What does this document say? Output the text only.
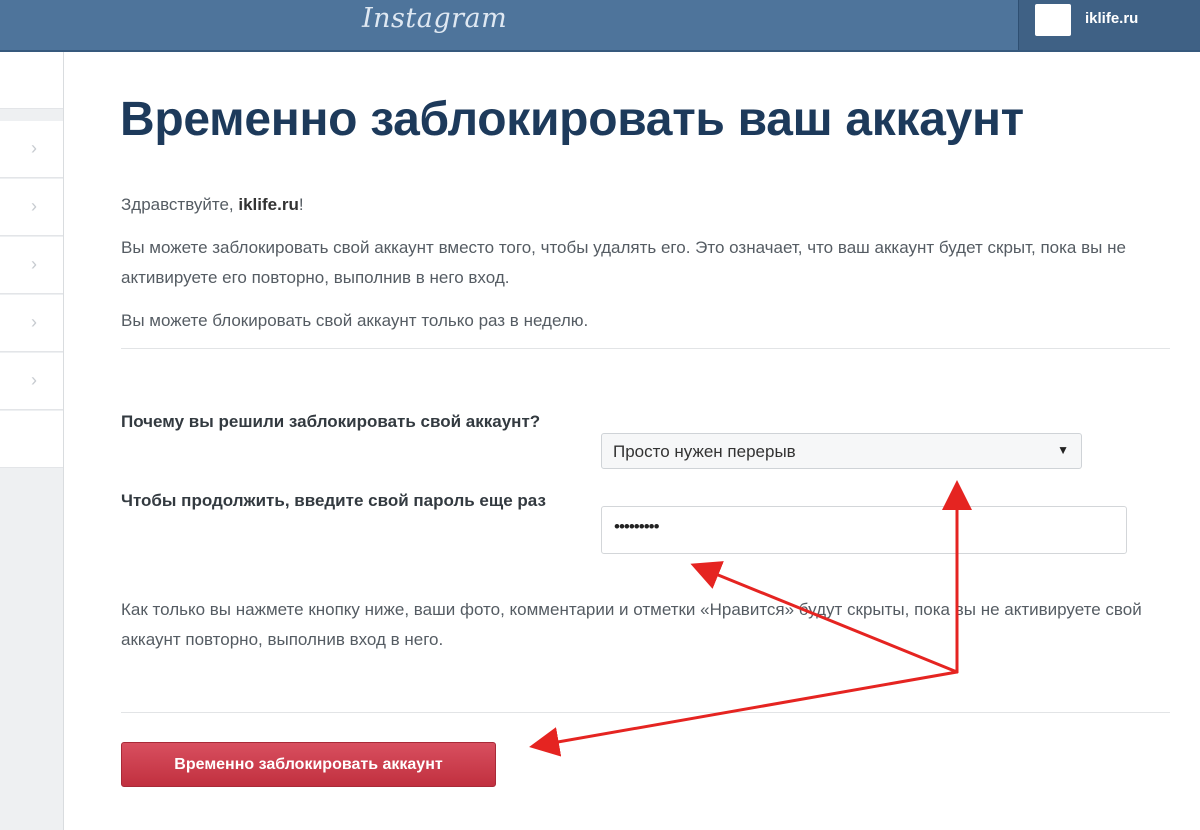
Instagram	iklife.ru
›
›
›
›
›
Временно заблокировать ваш аккаунт

Здравствуйте, iklife.ru!

Вы можете заблокировать свой аккаунт вместо того, чтобы удалять его. Это означает, что ваш аккаунт будет скрыт, пока вы не активируете его повторно, выполнив в него вход.

Вы можете блокировать свой аккаунт только раз в неделю.

Почему вы решили заблокировать свой аккаунт?
Просто нужен перерыв	▼
Чтобы продолжить, введите свой пароль еще раз
•••••••••

Как только вы нажмете кнопку ниже, ваши фото, комментарии и отметки «Нравится» будут скрыты, пока вы не активируете свой аккаунт повторно, выполнив вход в него.

Временно заблокировать аккаунт
